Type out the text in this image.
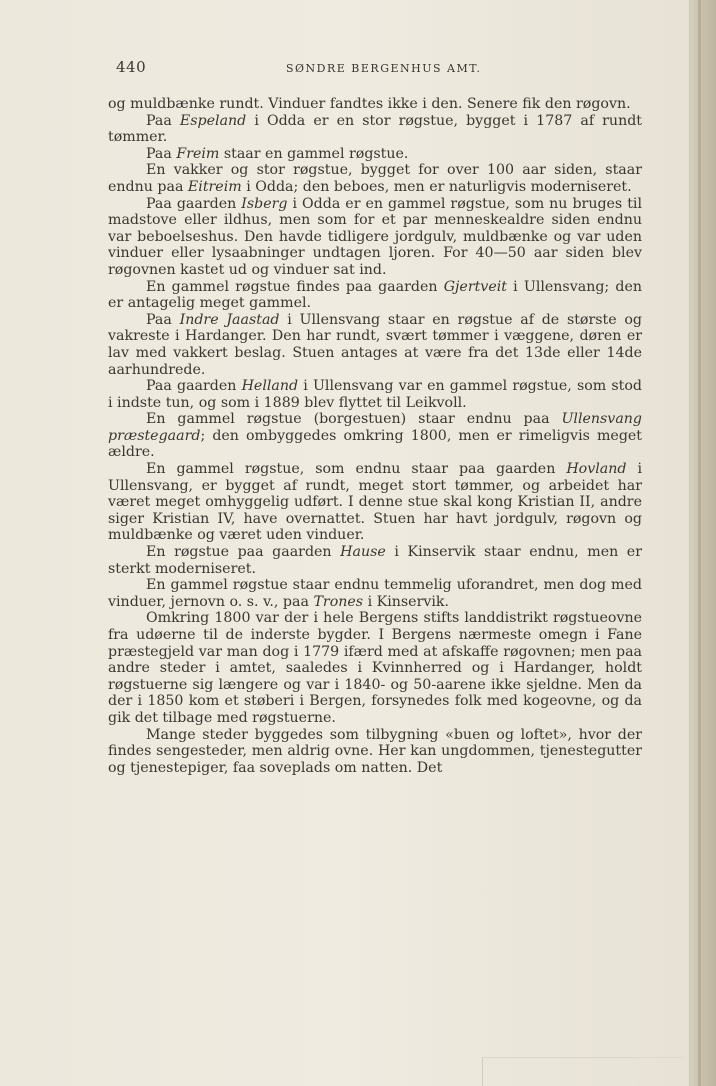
440	SØNDRE BERGENHUS AMT.

og muldbænke rundt. Vinduer fandtes ikke i den. Senere fik den røgovn.

Paa Espeland i Odda er en stor røgstue, bygget i 1787 af rundt tømmer.

Paa Freim staar en gammel røgstue.

En vakker og stor røgstue, bygget for over 100 aar siden, staar endnu paa Eitreim i Odda; den beboes, men er naturligvis moderniseret.

Paa gaarden Isberg i Odda er en gammel røgstue, som nu bruges til madstove eller ildhus, men som for et par menneskealdre siden endnu var beboelseshus. Den havde tidligere jordgulv, muldbænke og var uden vinduer eller lysaabninger undtagen ljoren. For 40—50 aar siden blev røgovnen kastet ud og vinduer sat ind.

En gammel røgstue findes paa gaarden Gjertveit i Ullensvang; den er antagelig meget gammel.

Paa Indre Jaastad i Ullensvang staar en røgstue af de største og vakreste i Hardanger. Den har rundt, svært tømmer i væggene, døren er lav med vakkert beslag. Stuen antages at være fra det 13de eller 14de aarhundrede.

Paa gaarden Helland i Ullensvang var en gammel røgstue, som stod i indste tun, og som i 1889 blev flyttet til Leikvoll.

En gammel røgstue (borgestuen) staar endnu paa Ullensvang præstegaard; den ombyggedes omkring 1800, men er rimeligvis meget ældre.

En gammel røgstue, som endnu staar paa gaarden Hovland i Ullensvang, er bygget af rundt, meget stort tømmer, og arbeidet har været meget omhyggelig udført. I denne stue skal kong Kristian II, andre siger Kristian IV, have overnattet. Stuen har havt jordgulv, røgovn og muldbænke og været uden vinduer.

En røgstue paa gaarden Hause i Kinservik staar endnu, men er sterkt moderniseret.

En gammel røgstue staar endnu temmelig uforandret, men dog med vinduer, jernovn o. s. v., paa Trones i Kinservik.

Omkring 1800 var der i hele Bergens stifts landdistrikt røgstueovne fra udøerne til de inderste bygder. I Bergens nærmeste omegn i Fane præstegjeld var man dog i 1779 ifærd med at afskaffe røgovnen; men paa andre steder i amtet, saaledes i Kvinnherred og i Hardanger, holdt røgstuerne sig længere og var i 1840- og 50-aarene ikke sjeldne. Men da der i 1850 kom et støberi i Bergen, forsynedes folk med kogeovne, og da gik det tilbage med røgstuerne.

Mange steder byggedes som tilbygning «buen og loftet», hvor der findes sengesteder, men aldrig ovne. Her kan ungdommen, tjenestegutter og tjenestepiger, faa soveplads om natten. Det
